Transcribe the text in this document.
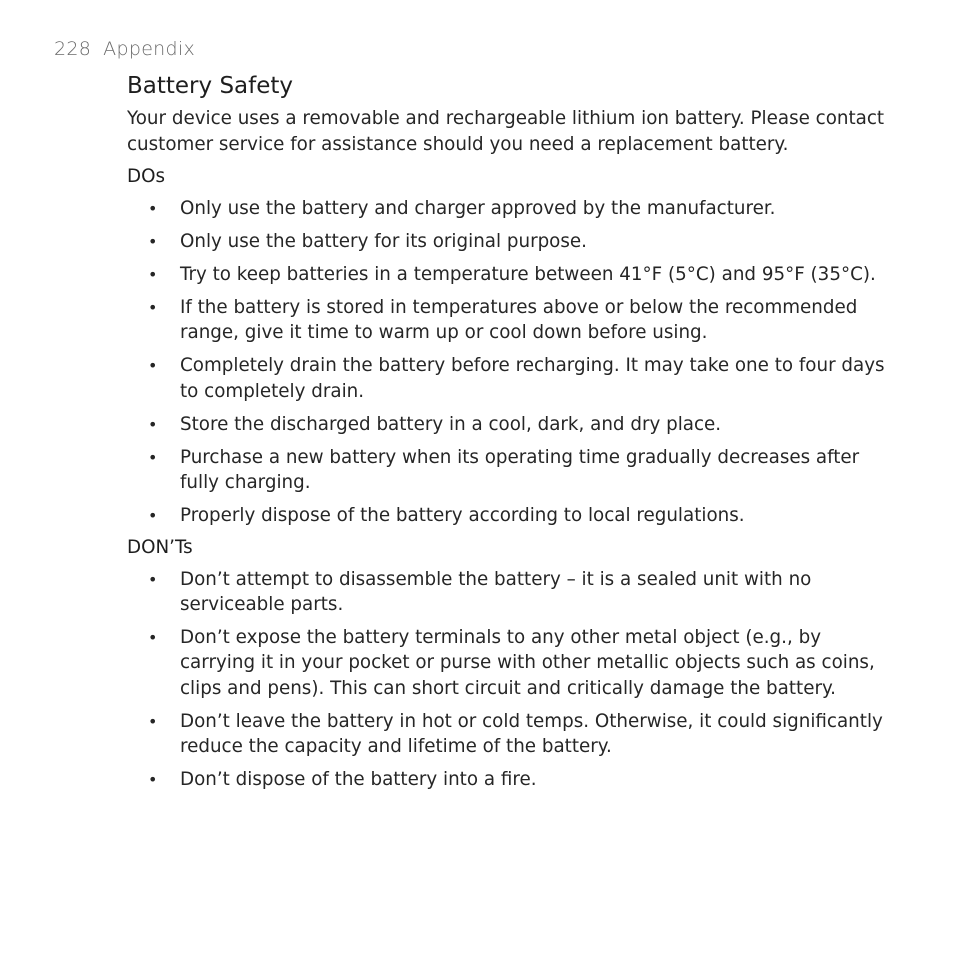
228 Appendix
Battery Safety

Your device uses a removable and rechargeable lithium ion battery. Please contact customer service for assistance should you need a replacement battery.

DOs
• Only use the battery and charger approved by the manufacturer.
• Only use the battery for its original purpose.
• Try to keep batteries in a temperature between 41°F (5°C) and 95°F (35°C).
• If the battery is stored in temperatures above or below the recommended range, give it time to warm up or cool down before using.
• Completely drain the battery before recharging. It may take one to four days to completely drain.
• Store the discharged battery in a cool, dark, and dry place.
• Purchase a new battery when its operating time gradually decreases after fully charging.
• Properly dispose of the battery according to local regulations.
DON’Ts
• Don’t attempt to disassemble the battery – it is a sealed unit with no serviceable parts.
• Don’t expose the battery terminals to any other metal object (e.g., by carrying it in your pocket or purse with other metallic objects such as coins, clips and pens). This can short circuit and critically damage the battery.
• Don’t leave the battery in hot or cold temps. Otherwise, it could significantly reduce the capacity and lifetime of the battery.
• Don’t dispose of the battery into a fire.
